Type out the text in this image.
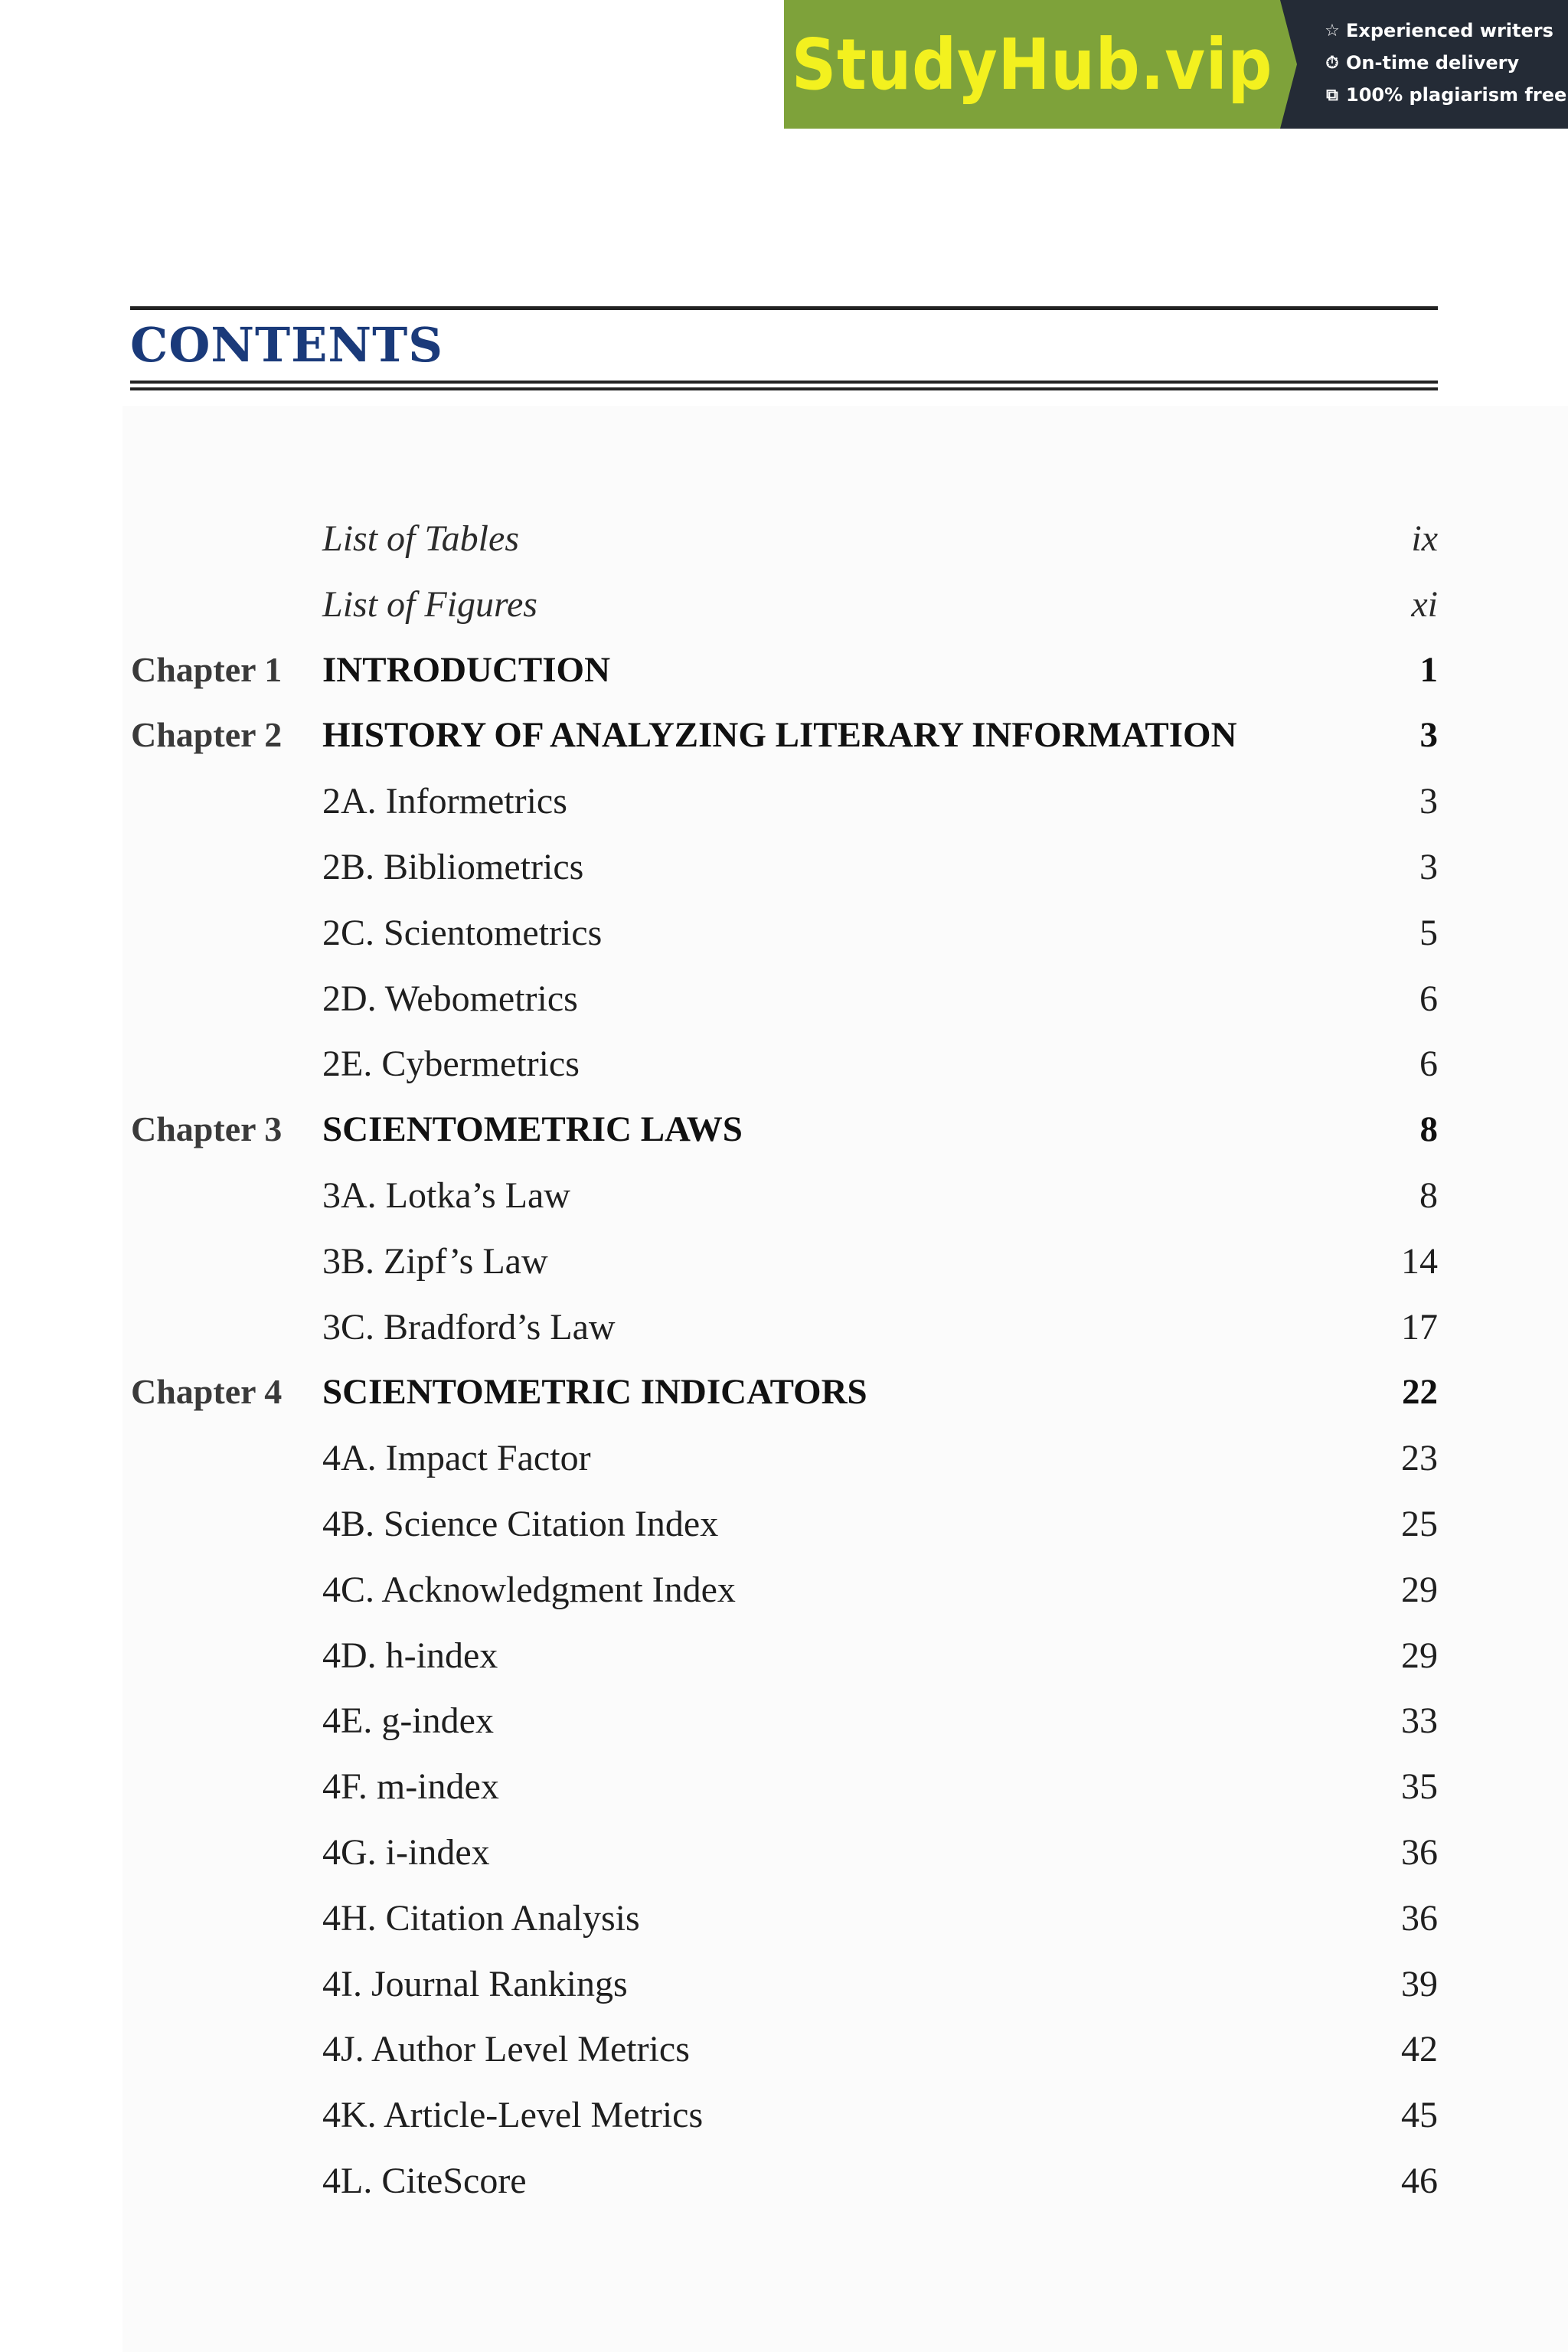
StudyHub.vip	☆ Experienced writers
⏱ On-time delivery
⧉ 100% plagiarism free
CONTENTS
List of Tables	ix
List of Figures	xi
Chapter 1 INTRODUCTION	1
Chapter 2 HISTORY OF ANALYZING LITERARY INFORMATION	3
2A. Informetrics	3
2B. Bibliometrics	3
2C. Scientometrics	5
2D. Webometrics	6
2E. Cybermetrics	6
Chapter 3 SCIENTOMETRIC LAWS	8
3A. Lotka’s Law	8
3B. Zipf’s Law	14
3C. Bradford’s Law	17
Chapter 4 SCIENTOMETRIC INDICATORS	22
4A. Impact Factor	23
4B. Science Citation Index	25
4C. Acknowledgment Index	29
4D. h-index	29
4E. g-index	33
4F. m-index	35
4G. i-index	36
4H. Citation Analysis	36
4I. Journal Rankings	39
4J. Author Level Metrics	42
4K. Article-Level Metrics	45
4L. CiteScore	46
